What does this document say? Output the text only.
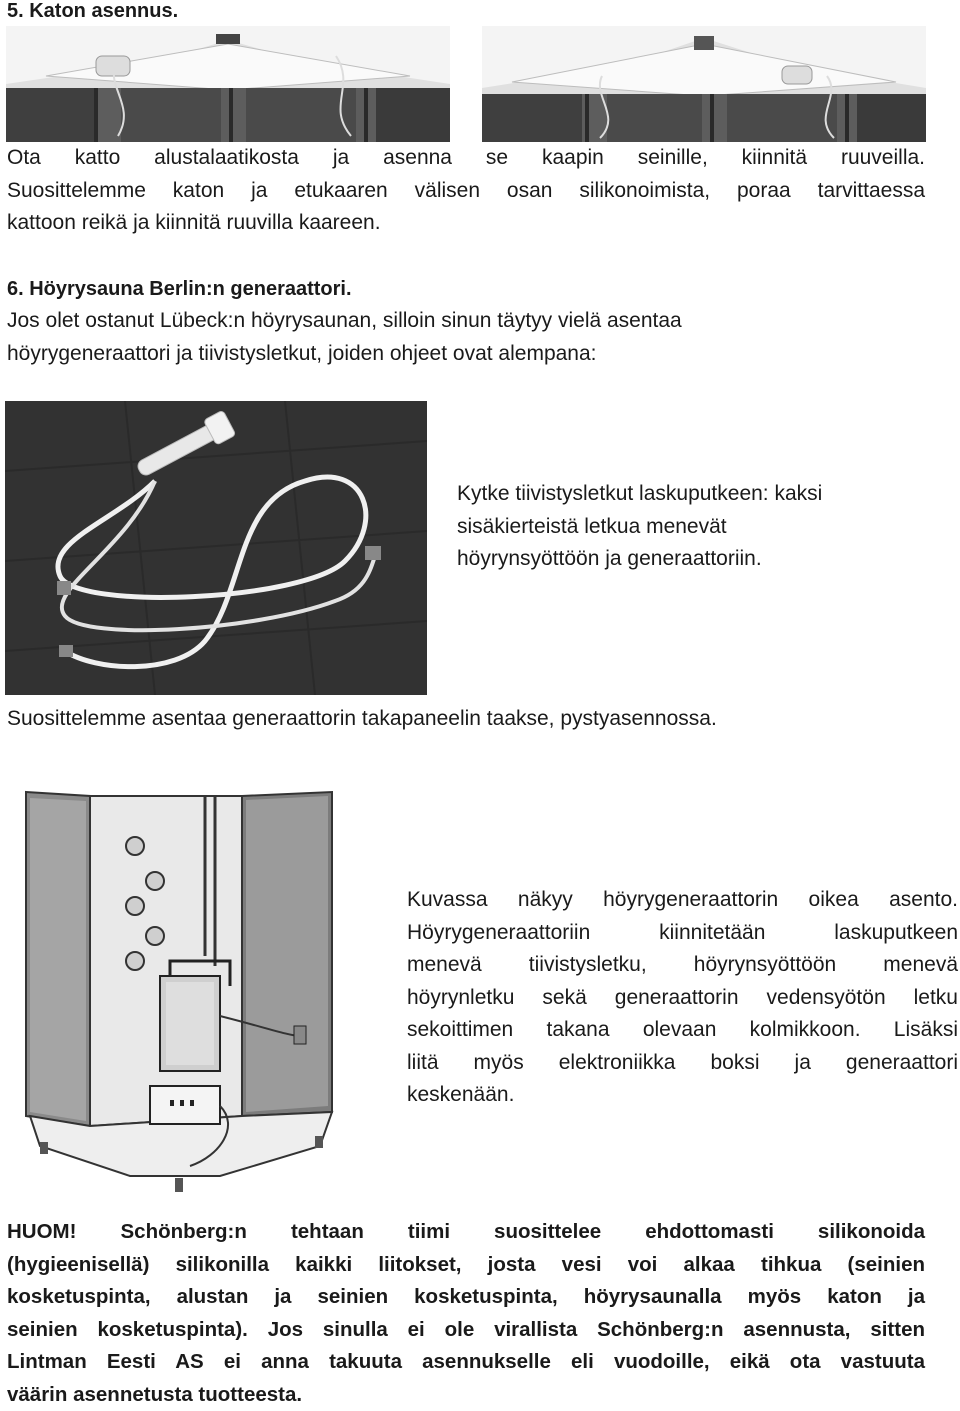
5. Katon asennus.
Ota katto alustalaatikosta ja asenna se kaapin seinille, kiinnitä ruuveilla.
Suosittelemme katon ja etukaaren välisen osan silikonoimista, poraa tarvittaessa
kattoon reikä ja kiinnitä ruuvilla kaareen.
6. Höyrysauna Berlin:n generaattori.
Jos olet ostanut Lübeck:n höyrysaunan, silloin sinun täytyy vielä asentaa
höyrygeneraattori ja tiivistysletkut, joiden ohjeet ovat alempana:
Kytke tiivistysletkut laskuputkeen: kaksi
sisäkierteistä letkua menevät
höyrynsyöttöön ja generaattoriin.
Suosittelemme asentaa generaattorin takapaneelin taakse, pystyasennossa.
Kuvassa näkyy höyrygeneraattorin oikea asento.
Höyrygeneraattoriin kiinnitetään laskuputkeen
menevä tiivistysletku, höyrynsyöttöön menevä
höyrynletku sekä generaattorin vedensyötön letku
sekoittimen takana olevaan kolmikkoon. Lisäksi
liitä myös elektroniikka boksi ja generaattori
keskenään.
HUOM! Schönberg:n tehtaan tiimi suosittelee ehdottomasti silikonoida
(hygieenisellä) silikonilla kaikki liitokset, josta vesi voi alkaa tihkua (seinien
kosketuspinta, alustan ja seinien kosketuspinta, höyrysaunalla myös katon ja
seinien kosketuspinta). Jos sinulla ei ole virallista Schönberg:n asennusta, sitten
Lintman Eesti AS ei anna takuuta asennukselle eli vuodoille, eikä ota vastuuta
väärin asennetusta tuotteesta.
